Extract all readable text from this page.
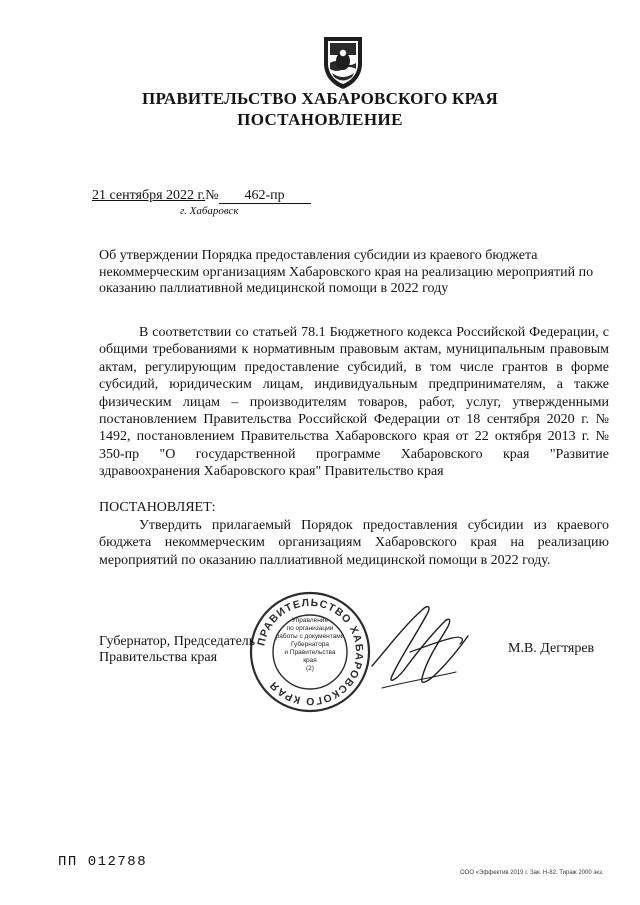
ПРАВИТЕЛЬСТВО ХАБАРОВСКОГО КРАЯ
ПОСТАНОВЛЕНИЕ
21 сентября 2022 г.№ 462-пр
г. Хабаровск
Об утверждении Порядка предоставления субсидии из краевого бюджета некоммерческим организациям Хабаровского края на реализацию мероприятий по оказанию паллиативной медицинской помощи в 2022 году
В соответствии со статьей 78.1 Бюджетного кодекса Российской Федерации, с общими требованиями к нормативным правовым актам, муниципальным правовым актам, регулирующим предоставление субсидий, в том числе грантов в форме субсидий, юридическим лицам, индивидуальным предпринимателям, а также физическим лицам – производителям товаров, работ, услуг, утвержденными постановлением Правительства Российской Федерации от 18 сентября 2020 г. № 1492, постановлением Правительства Хабаровского края от 22 октября 2013 г. № 350-пр "О государственной программе Хабаровского края "Развитие здравоохранения Хабаровского края" Правительство края
ПОСТАНОВЛЯЕТ:
Утвердить прилагаемый Порядок предоставления субсидии из краевого бюджета некоммерческим организациям Хабаровского края на реализацию мероприятий по оказанию паллиативной медицинской помощи в 2022 году.
ПРАВИТЕЛЬСТВО ХАБАРОВСКОГО КРАЯ
Управление
по организации
работы с документами
Губернатора
и Правительства
края
(2)
Губернатор, Председатель
Правительства края
М.В. Дегтярев
ПП 012788
ООО «Эффектив 2019 г. Зак. Н-82. Тираж 2000 экз.
